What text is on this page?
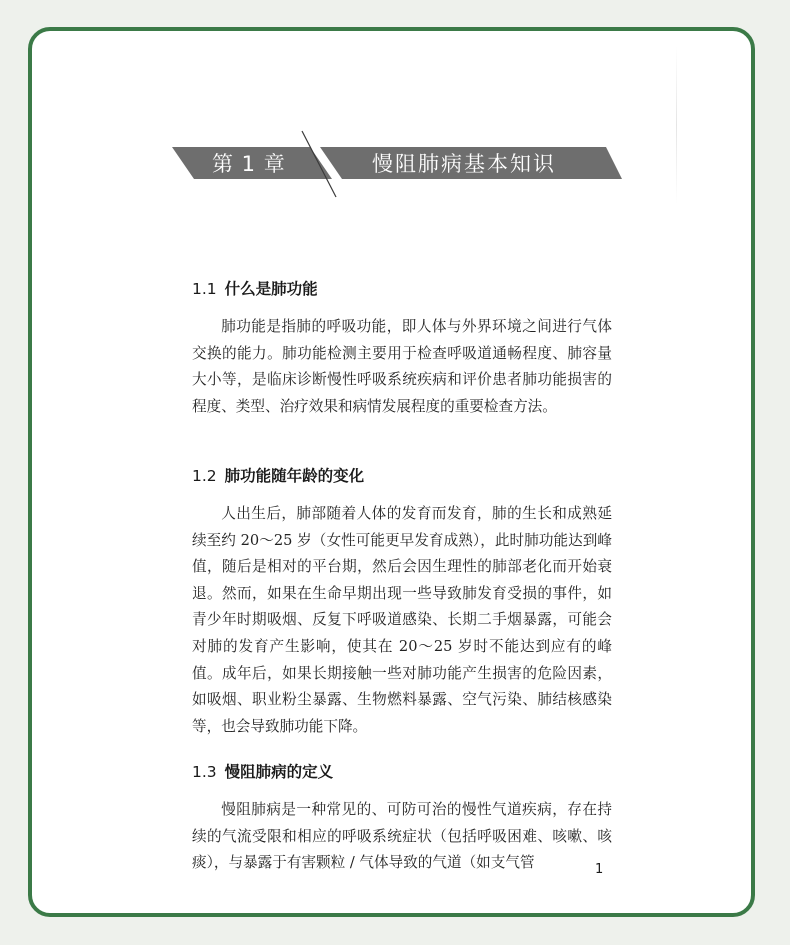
第 1 章	慢阻肺病基本知识
1.1 什么是肺功能

肺功能是指肺的呼吸功能，即人体与外界环境之间进行气体交换的能力。肺功能检测主要用于检查呼吸道通畅程度、肺容量大小等，是临床诊断慢性呼吸系统疾病和评价患者肺功能损害的程度、类型、治疗效果和病情发展程度的重要检查方法。

1.2 肺功能随年龄的变化

人出生后，肺部随着人体的发育而发育，肺的生长和成熟延续至约 20～25 岁（女性可能更早发育成熟），此时肺功能达到峰值，随后是相对的平台期，然后会因生理性的肺部老化而开始衰退。然而，如果在生命早期出现一些导致肺发育受损的事件，如青少年时期吸烟、反复下呼吸道感染、长期二手烟暴露，可能会对肺的发育产生影响，使其在 20～25 岁时不能达到应有的峰值。成年后，如果长期接触一些对肺功能产生损害的危险因素，如吸烟、职业粉尘暴露、生物燃料暴露、空气污染、肺结核感染等，也会导致肺功能下降。

1.3 慢阻肺病的定义

慢阻肺病是一种常见的、可防可治的慢性气道疾病，存在持续的气流受限和相应的呼吸系统症状（包括呼吸困难、咳嗽、咳痰），与暴露于有害颗粒 / 气体导致的气道（如支气管	1
